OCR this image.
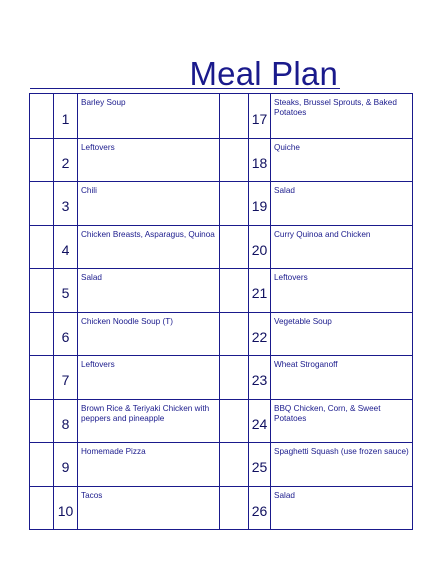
Meal Plan
1
Barley Soup
17
Steaks, Brussel Sprouts, & Baked Potatoes
2
Leftovers
18
Quiche
3
Chili
19
Salad
4
Chicken Breasts, Asparagus, Quinoa
20
Curry Quinoa and Chicken
5
Salad
21
Leftovers
6
Chicken Noodle Soup (T)
22
Vegetable Soup
7
Leftovers
23
Wheat Stroganoff
8
Brown Rice & Teriyaki Chicken with peppers and pineapple	24
BBQ Chicken, Corn, & Sweet Potatoes
9
Homemade Pizza
25
Spaghetti Squash (use frozen sauce)
10
Tacos
26
Salad
